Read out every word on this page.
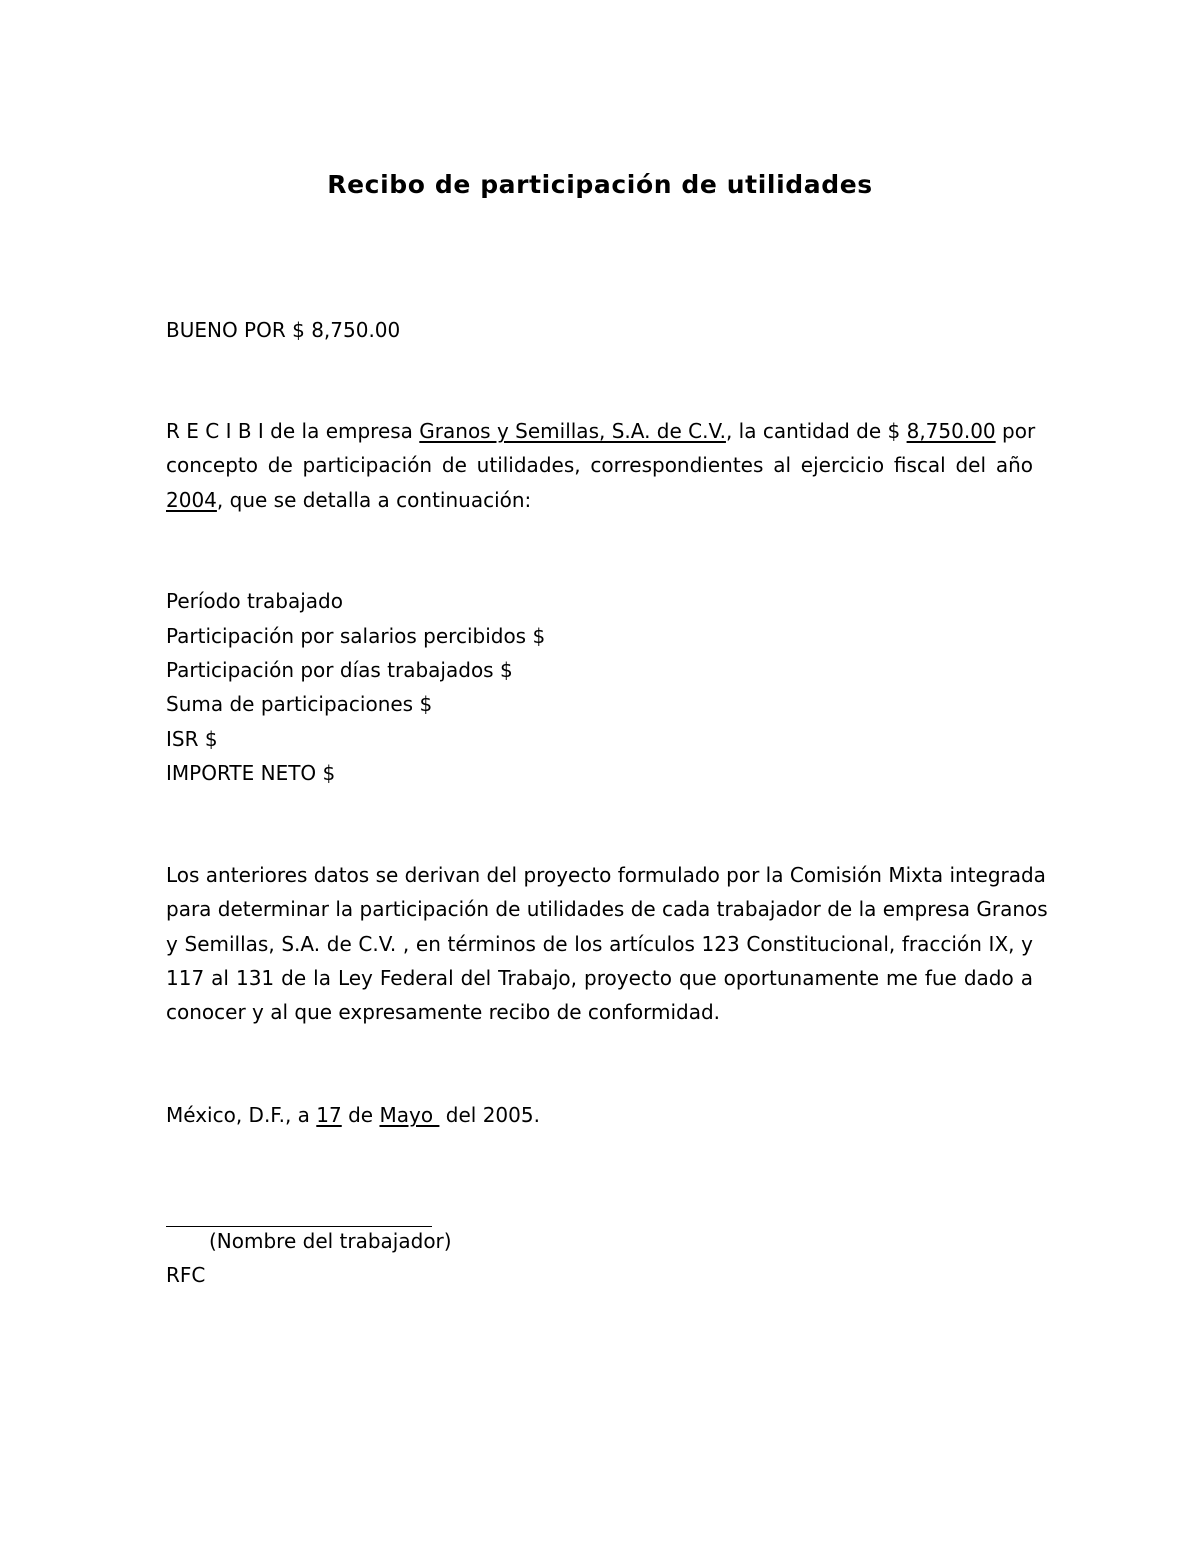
Recibo de participación de utilidades
BUENO POR $ 8,750.00
R E C I B I de la empresa Granos y Semillas, S.A. de C.V., la cantidad de $ 8,750.00 por
concepto de participación de utilidades, correspondientes al ejercicio fiscal del año
2004, que se detalla a continuación:
Período trabajado
Participación por salarios percibidos $
Participación por días trabajados $
Suma de participaciones $
ISR $
IMPORTE NETO $
Los anteriores datos se derivan del proyecto formulado por la Comisión Mixta integrada
para determinar la participación de utilidades de cada trabajador de la empresa Granos
y Semillas, S.A. de C.V. , en términos de los artículos 123 Constitucional, fracción IX, y
117 al 131 de la Ley Federal del Trabajo, proyecto que oportunamente me fue dado a
conocer y al que expresamente recibo de conformidad.
México, D.F., a 17 de Mayo  del 2005.
(Nombre del trabajador)
RFC
